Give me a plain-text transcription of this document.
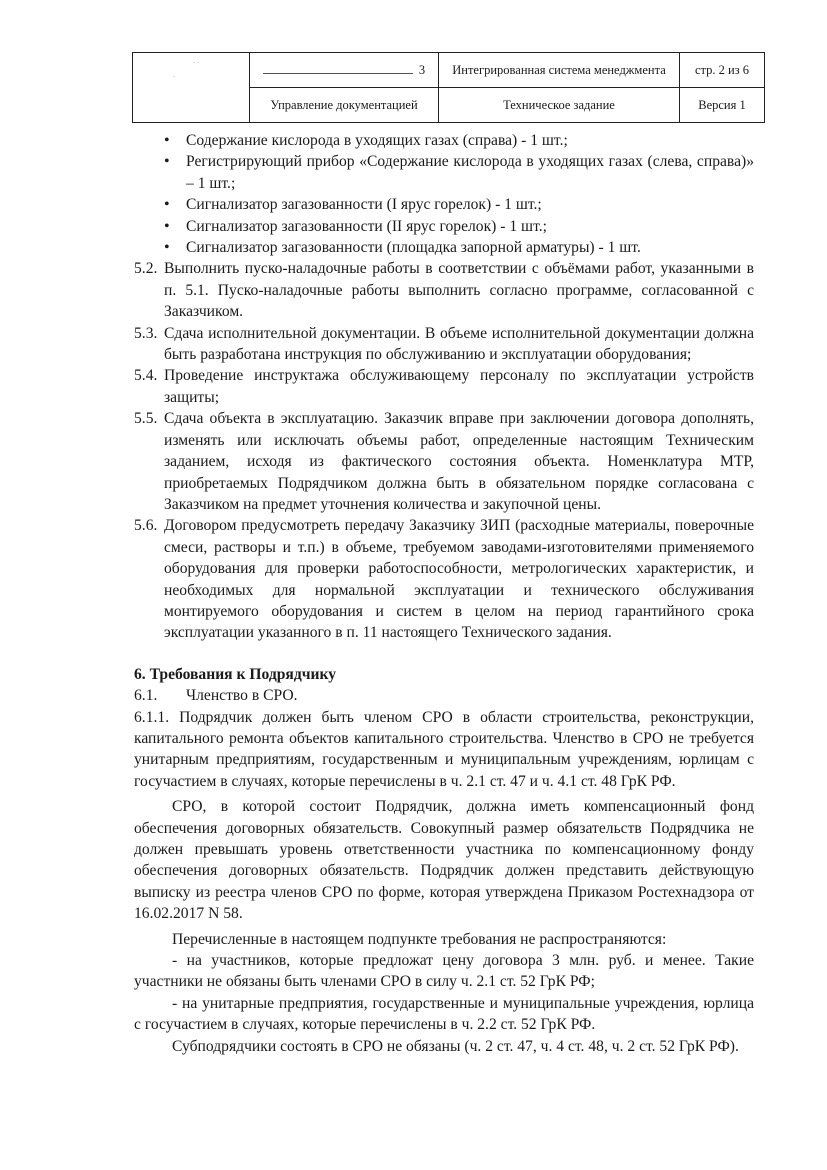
· ·
·	3	Интегрированная система менеджмента	стр. 2 из 6
	Управление документацией	Техническое задание	Версия 1
• Содержание кислорода в уходящих газах (справа) - 1 шт.;
• Регистрирующий прибор «Содержание кислорода в уходящих газах (слева, справа)» – 1 шт.;
• Сигнализатор загазованности (I ярус горелок) - 1 шт.;
• Сигнализатор загазованности (II ярус горелок) - 1 шт.;
• Сигнализатор загазованности (площадка запорной арматуры) - 1 шт.
5.2. Выполнить пуско-наладочные работы в соответствии с объёмами работ, указанными в п. 5.1. Пуско-наладочные работы выполнить согласно программе, согласованной с Заказчиком.

5.3. Сдача исполнительной документации. В объеме исполнительной документации должна быть разработана инструкция по обслуживанию и эксплуатации оборудования;

5.4. Проведение инструктажа обслуживающему персоналу по эксплуатации устройств защиты;

5.5. Сдача объекта в эксплуатацию. Заказчик вправе при заключении договора дополнять, изменять или исключать объемы работ, определенные настоящим Техническим заданием, исходя из фактического состояния объекта. Номенклатура МТР, приобретаемых Подрядчиком должна быть в обязательном порядке согласована с Заказчиком на предмет уточнения количества и закупочной цены.

5.6. Договором предусмотреть передачу Заказчику ЗИП (расходные материалы, поверочные смеси, растворы и т.п.) в объеме, требуемом заводами-изготовителями применяемого оборудования для проверки работоспособности, метрологических характеристик, и необходимых для нормальной эксплуатации и технического обслуживания монтируемого оборудования и систем в целом на период гарантийного срока эксплуатации указанного в п. 11 настоящего Технического задания.

6. Требования к Подрядчику

6.1. Членство в СРО.

6.1.1. Подрядчик должен быть членом СРО в области строительства, реконструкции, капитального ремонта объектов капитального строительства. Членство в СРО не требуется унитарным предприятиям, государственным и муниципальным учреждениям, юрлицам с госучастием в случаях, которые перечислены в ч. 2.1 ст. 47 и ч. 4.1 ст. 48 ГрК РФ.

СРО, в которой состоит Подрядчик, должна иметь компенсационный фонд обеспечения договорных обязательств. Совокупный размер обязательств Подрядчика не должен превышать уровень ответственности участника по компенсационному фонду обеспечения договорных обязательств. Подрядчик должен представить действующую выписку из реестра членов СРО по форме, которая утверждена Приказом Ростехнадзора от 16.02.2017 N 58.

Перечисленные в настоящем подпункте требования не распространяются:

- на участников, которые предложат цену договора 3 млн. руб. и менее. Такие участники не обязаны быть членами СРО в силу ч. 2.1 ст. 52 ГрК РФ;

- на унитарные предприятия, государственные и муниципальные учреждения, юрлица с госучастием в случаях, которые перечислены в ч. 2.2 ст. 52 ГрК РФ.

Субподрядчики состоять в СРО не обязаны (ч. 2 ст. 47, ч. 4 ст. 48, ч. 2 ст. 52 ГрК РФ).
